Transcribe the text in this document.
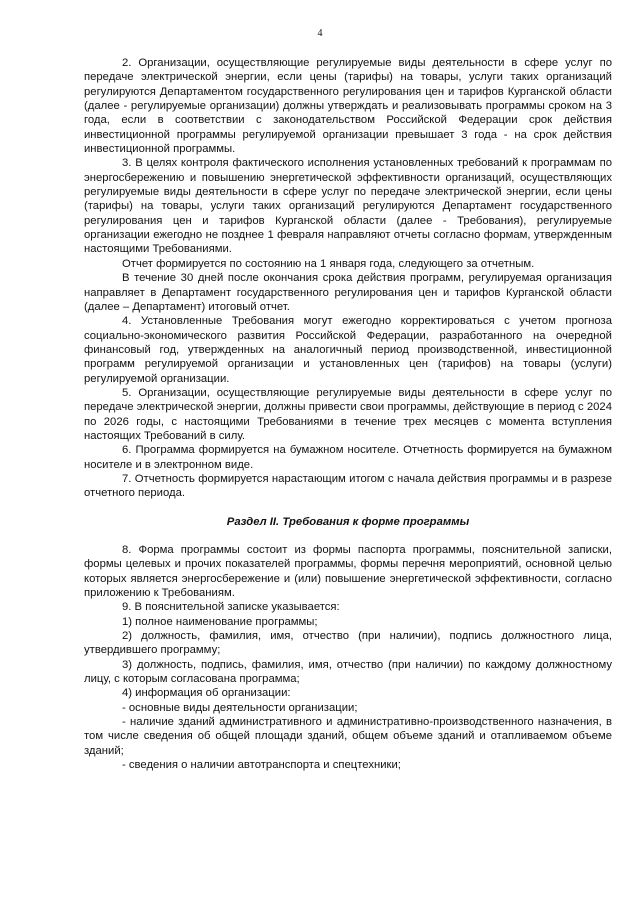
4

2. Организации, осуществляющие регулируемые виды деятельности в сфере услуг по передаче электрической энергии, если цены (тарифы) на товары, услуги таких организаций регулируются Департаментом государственного регулирования цен и тарифов Курганской области (далее - регулируемые организации) должны утверждать и реализовывать программы сроком на 3 года, если в соответствии с законодательством Российской Федерации срок действия инвестиционной программы регулируемой организации превышает 3 года - на срок действия инвестиционной программы.

3. В целях контроля фактического исполнения установленных требований к программам по энергосбережению и повышению энергетической эффективности организаций, осуществляющих регулируемые виды деятельности в сфере услуг по передаче электрической энергии, если цены (тарифы) на товары, услуги таких организаций регулируются Департамент государственного регулирования цен и тарифов Курганской области (далее - Требования), регулируемые организации ежегодно не позднее 1 февраля направляют отчеты согласно формам, утвержденным настоящими Требованиями.

Отчет формируется по состоянию на 1 января года, следующего за отчетным.

В течение 30 дней после окончания срока действия программ, регулируемая организация направляет в Департамент государственного регулирования цен и тарифов Курганской области (далее – Департамент) итоговый отчет.

4. Установленные Требования могут ежегодно корректироваться с учетом прогноза социально-экономического развития Российской Федерации, разработанного на очередной финансовый год, утвержденных на аналогичный период производственной, инвестиционной программ регулируемой организации и установленных цен (тарифов) на товары (услуги) регулируемой организации.

5. Организации, осуществляющие регулируемые виды деятельности в сфере услуг по передаче электрической энергии, должны привести свои программы, действующие в период с 2024 по 2026 годы, с настоящими Требованиями в течение трех месяцев с момента вступления настоящих Требований в силу.

6. Программа формируется на бумажном носителе. Отчетность формируется на бумажном носителе и в электронном виде.

7. Отчетность формируется нарастающим итогом с начала действия программы и в разрезе отчетного периода.

Раздел II. Требования к форме программы

8. Форма программы состоит из формы паспорта программы, пояснительной записки, формы целевых и прочих показателей программы, формы перечня мероприятий, основной целью которых является энергосбережение и (или) повышение энергетической эффективности, согласно приложению к Требованиям.

9. В пояснительной записке указывается:

1) полное наименование программы;

2) должность, фамилия, имя, отчество (при наличии), подпись должностного лица, утвердившего программу;

3) должность, подпись, фамилия, имя, отчество (при наличии) по каждому должностному лицу, с которым согласована программа;

4) информация об организации:

- основные виды деятельности организации;

- наличие зданий административного и административно-производственного назначения, в том числе сведения об общей площади зданий, общем объеме зданий и отапливаемом объеме зданий;

- сведения о наличии автотранспорта и спецтехники;
